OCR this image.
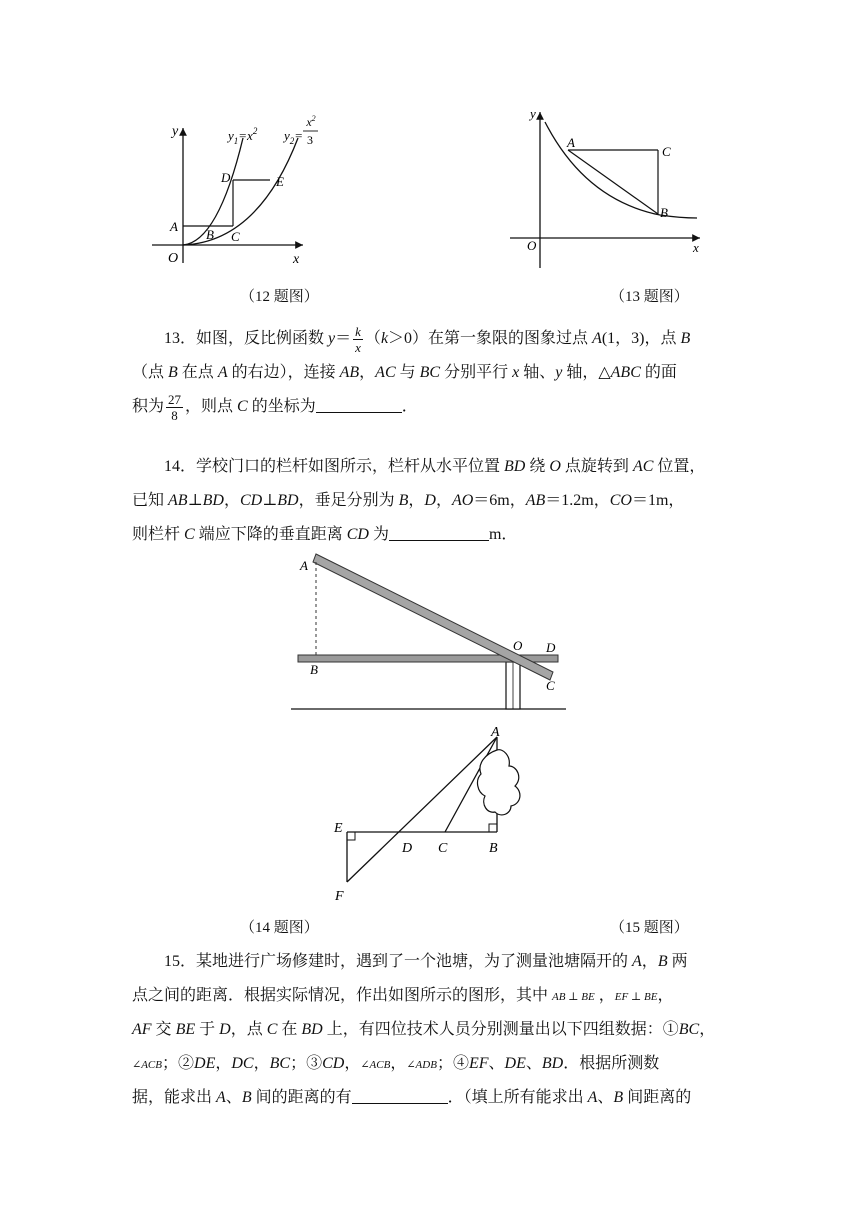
y
x
O
$y_1=x^2$ $y_2=$
$x^2$
3
A
B C
D	E
（12 题图）
y
x
O
A
C
B
（13 题图）
13．如图，反比例函数 $y= \frac{k}{x} (k>0)$在第一象限的图象过点 A(1，3)，点 B
（点 B 在点 A 的右边），连接 AB，AC 与 BC 分别平行 x 轴、y 轴，△ABC 的面
积为 $\frac{27}{8}$ ，则点 C 的坐标为	．
14．学校门口的栏杆如图所示，栏杆从水平位置 BD 绕 O 点旋转到 AC 位置，
已知 AB⊥BD，CD⊥BD，垂足分别为 B，D，AO＝6m，AB＝1.2m，CO＝1m，
则栏杆 C 端应下降的垂直距离 CD 为	m．
A
B
O D
C
A
B
C
D
E
F
（14 题图）	（15 题图）
15．某地进行广场修建时，遇到了一个池塘，为了测量池塘隔开的 A，B 两
点之间的距离．根据实际情况，作出如图所示的图形，其中 AB ⊥ BE ，EF ⊥ BE，
AF 交 BE 于 D，点 C 在 BD 上，有四位技术人员分别测量出以下四组数据：①BC，
∠ACB；②DE，DC，BC；③CD，∠ACB，∠ADB；④EF、DE、BD．根据所测数
据，能求出 A、B 间的距离的有	．（填上所有能求出 A、B 间距离的
